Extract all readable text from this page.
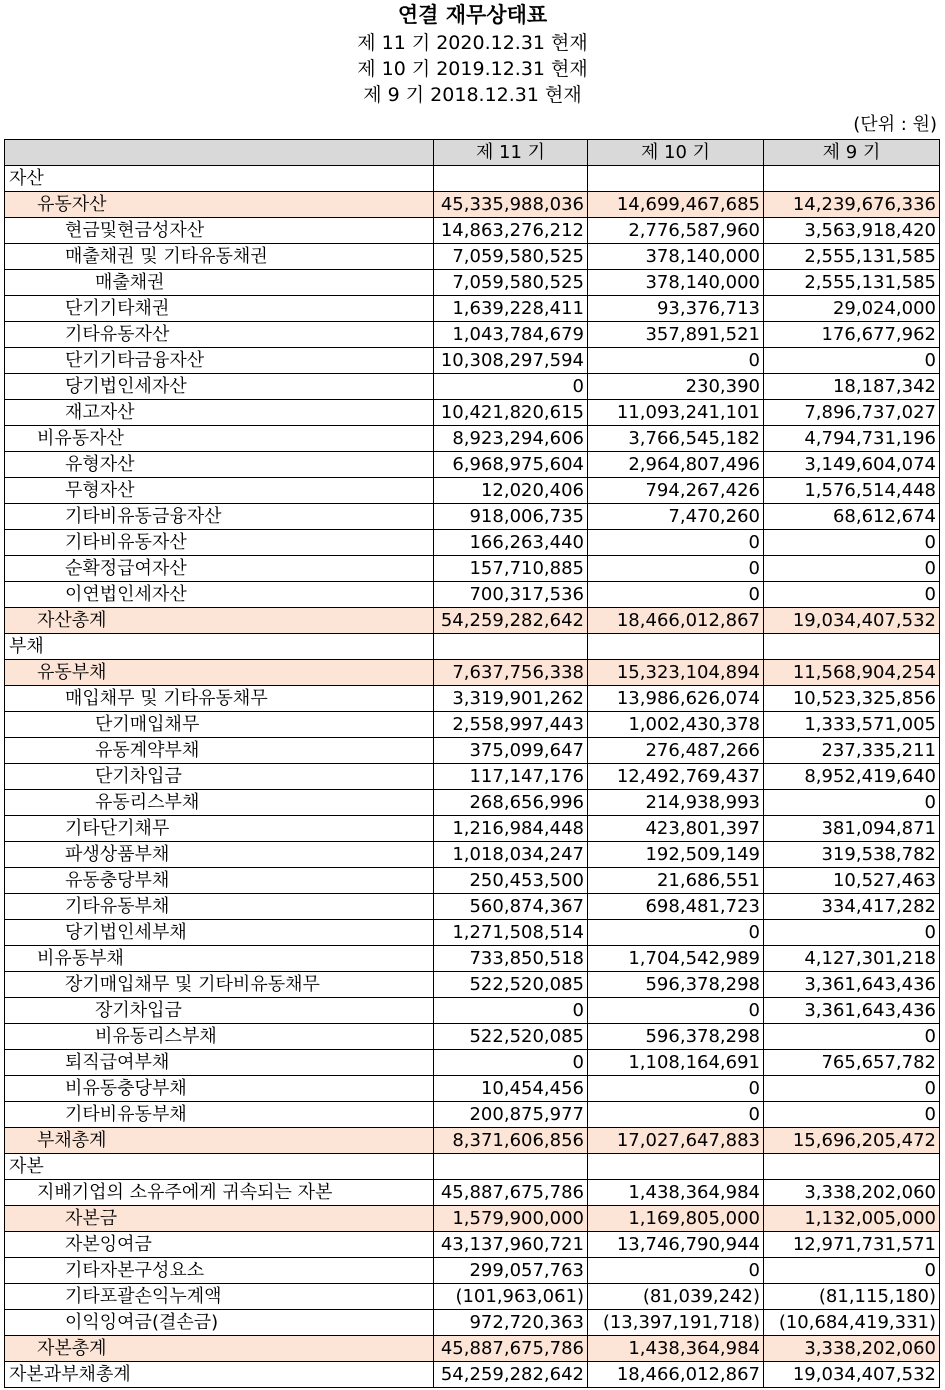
연결 재무상태표
제 11 기 2020.12.31 현재
제 10 기 2019.12.31 현재
제 9 기 2018.12.31 현재
(단위 : 원)
	제 11 기	제 10 기	제 9 기
자산			
유동자산	45,335,988,036	14,699,467,685	14,239,676,336
현금및현금성자산	14,863,276,212	2,776,587,960	3,563,918,420
매출채권 및 기타유동채권	7,059,580,525	378,140,000	2,555,131,585
매출채권	7,059,580,525	378,140,000	2,555,131,585
단기기타채권	1,639,228,411	93,376,713	29,024,000
기타유동자산	1,043,784,679	357,891,521	176,677,962
단기기타금융자산	10,308,297,594	0	0
당기법인세자산	0	230,390	18,187,342
재고자산	10,421,820,615	11,093,241,101	7,896,737,027
비유동자산	8,923,294,606	3,766,545,182	4,794,731,196
유형자산	6,968,975,604	2,964,807,496	3,149,604,074
무형자산	12,020,406	794,267,426	1,576,514,448
기타비유동금융자산	918,006,735	7,470,260	68,612,674
기타비유동자산	166,263,440	0	0
순확정급여자산	157,710,885	0	0
이연법인세자산	700,317,536	0	0
자산총계	54,259,282,642	18,466,012,867	19,034,407,532
부채			
유동부채	7,637,756,338	15,323,104,894	11,568,904,254
매입채무 및 기타유동채무	3,319,901,262	13,986,626,074	10,523,325,856
단기매입채무	2,558,997,443	1,002,430,378	1,333,571,005
유동계약부채	375,099,647	276,487,266	237,335,211
단기차입금	117,147,176	12,492,769,437	8,952,419,640
유동리스부채	268,656,996	214,938,993	0
기타단기채무	1,216,984,448	423,801,397	381,094,871
파생상품부채	1,018,034,247	192,509,149	319,538,782
유동충당부채	250,453,500	21,686,551	10,527,463
기타유동부채	560,874,367	698,481,723	334,417,282
당기법인세부채	1,271,508,514	0	0
비유동부채	733,850,518	1,704,542,989	4,127,301,218
장기매입채무 및 기타비유동채무	522,520,085	596,378,298	3,361,643,436
장기차입금	0	0	3,361,643,436
비유동리스부채	522,520,085	596,378,298	0
퇴직급여부채	0	1,108,164,691	765,657,782
비유동충당부채	10,454,456	0	0
기타비유동부채	200,875,977	0	0
부채총계	8,371,606,856	17,027,647,883	15,696,205,472
자본			
지배기업의 소유주에게 귀속되는 자본	45,887,675,786	1,438,364,984	3,338,202,060
자본금	1,579,900,000	1,169,805,000	1,132,005,000
자본잉여금	43,137,960,721	13,746,790,944	12,971,731,571
기타자본구성요소	299,057,763	0	0
기타포괄손익누계액	(101,963,061)	(81,039,242)	(81,115,180)
이익잉여금(결손금)	972,720,363	(13,397,191,718)	(10,684,419,331)
자본총계	45,887,675,786	1,438,364,984	3,338,202,060
자본과부채총계	54,259,282,642	18,466,012,867	19,034,407,532
